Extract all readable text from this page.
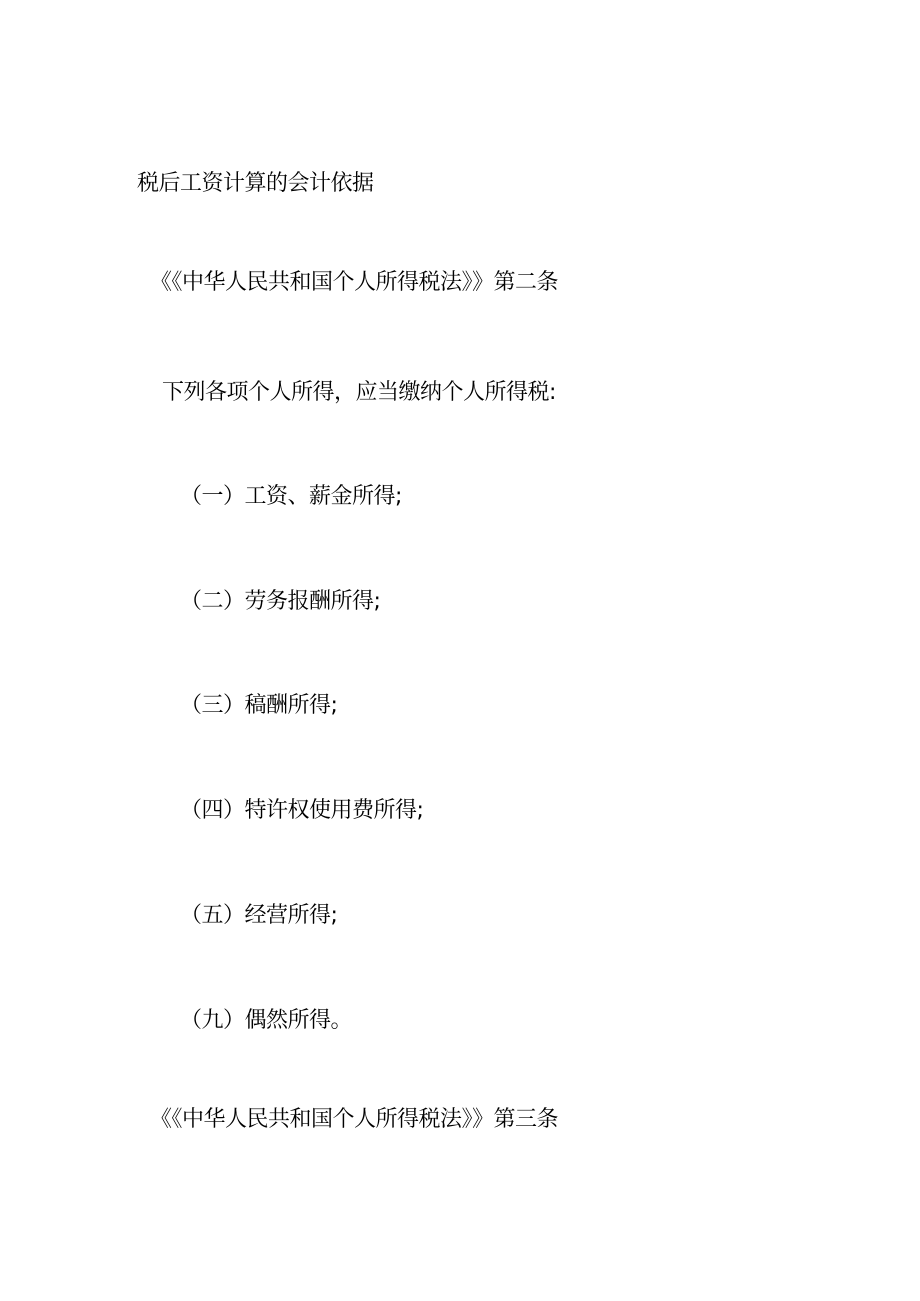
税后工资计算的会计依据
《《中华人民共和国个人所得税法》》第二条
下列各项个人所得，应当缴纳个人所得税:
（一）工资、薪金所得;
（二）劳务报酬所得;
（三）稿酬所得;
（四）特许权使用费所得;
（五）经营所得;
（九）偶然所得。
《《中华人民共和国个人所得税法》》第三条
